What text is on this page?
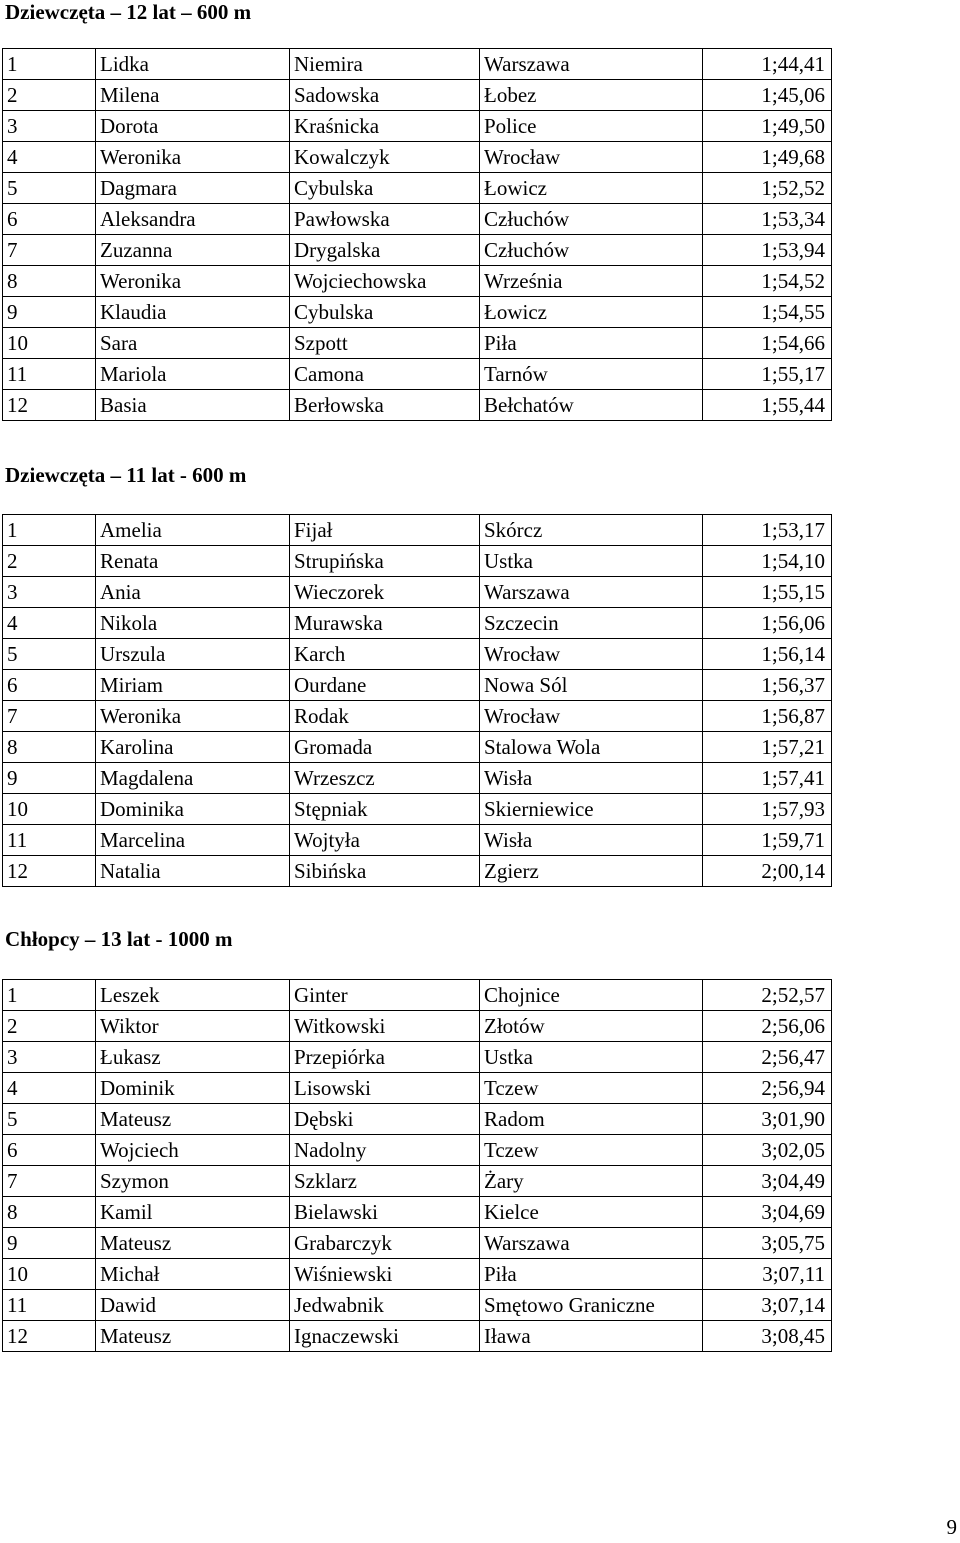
Dziewczęta – 12 lat – 600 m
1	Lidka	Niemira	Warszawa	1;44,41
2	Milena	Sadowska	Łobez	1;45,06
3	Dorota	Kraśnicka	Police	1;49,50
4	Weronika	Kowalczyk	Wrocław	1;49,68
5	Dagmara	Cybulska	Łowicz	1;52,52
6	Aleksandra	Pawłowska	Człuchów	1;53,34
7	Zuzanna	Drygalska	Człuchów	1;53,94
8	Weronika	Wojciechowska	Września	1;54,52
9	Klaudia	Cybulska	Łowicz	1;54,55
10	Sara	Szpott	Piła	1;54,66
11	Mariola	Camona	Tarnów	1;55,17
12	Basia	Berłowska	Bełchatów	1;55,44
Dziewczęta – 11 lat - 600 m
1	Amelia	Fijał	Skórcz	1;53,17
2	Renata	Strupińska	Ustka	1;54,10
3	Ania	Wieczorek	Warszawa	1;55,15
4	Nikola	Murawska	Szczecin	1;56,06
5	Urszula	Karch	Wrocław	1;56,14
6	Miriam	Ourdane	Nowa Sól	1;56,37
7	Weronika	Rodak	Wrocław	1;56,87
8	Karolina	Gromada	Stalowa Wola	1;57,21
9	Magdalena	Wrzeszcz	Wisła	1;57,41
10	Dominika	Stępniak	Skierniewice	1;57,93
11	Marcelina	Wojtyła	Wisła	1;59,71
12	Natalia	Sibińska	Zgierz	2;00,14
Chłopcy – 13 lat - 1000 m
1	Leszek	Ginter	Chojnice	2;52,57
2	Wiktor	Witkowski	Złotów	2;56,06
3	Łukasz	Przepiórka	Ustka	2;56,47
4	Dominik	Lisowski	Tczew	2;56,94
5	Mateusz	Dębski	Radom	3;01,90
6	Wojciech	Nadolny	Tczew	3;02,05
7	Szymon	Szklarz	Żary	3;04,49
8	Kamil	Bielawski	Kielce	3;04,69
9	Mateusz	Grabarczyk	Warszawa	3;05,75
10	Michał	Wiśniewski	Piła	3;07,11
11	Dawid	Jedwabnik	Smętowo Graniczne	3;07,14
12	Mateusz	Ignaczewski	Iława	3;08,45
9
